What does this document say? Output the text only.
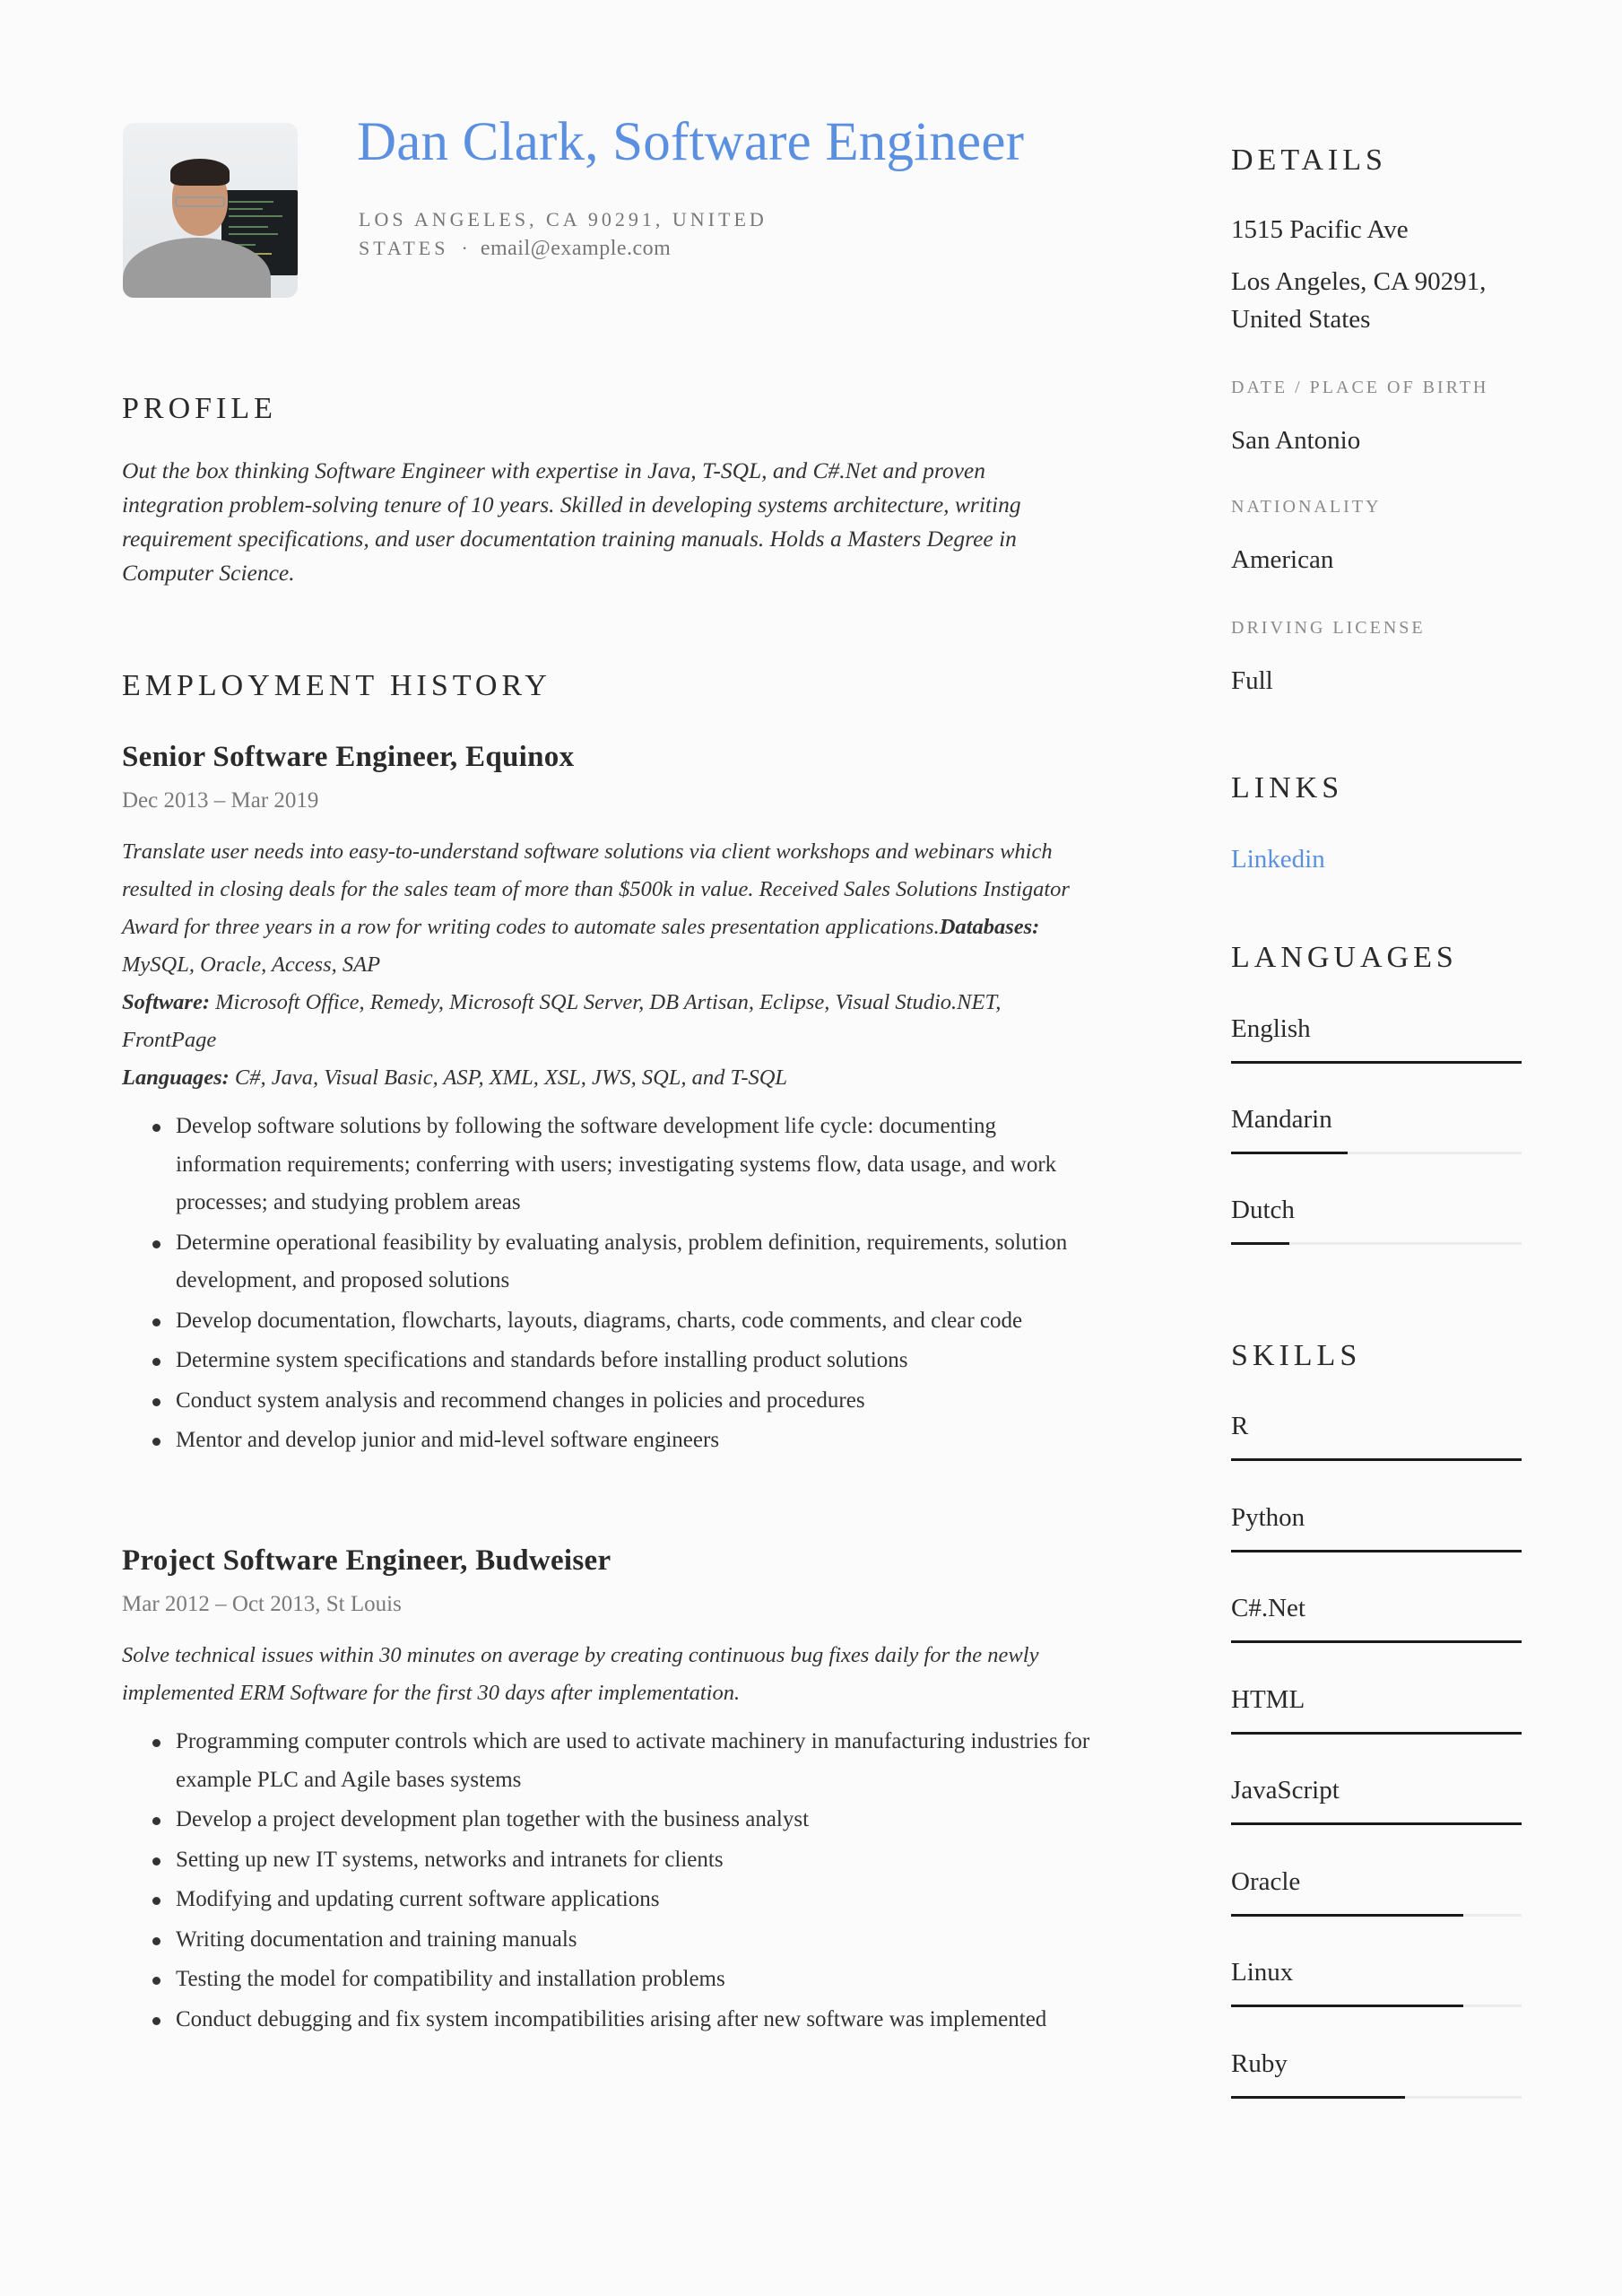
Dan Clark, Software Engineer
LOS ANGELES, CA 90291, UNITED
STATES · email@example.com
PROFILE

Out the box thinking Software Engineer with expertise in Java, T-SQL, and C#.Net and proven integration problem-solving tenure of 10 years. Skilled in developing systems architecture, writing requirement specifications, and user documentation training manuals. Holds a Masters Degree in Computer Science.

EMPLOYMENT HISTORY
Senior Software Engineer, Equinox
Dec 2013 – Mar 2019
Translate user needs into easy-to-understand software solutions via client workshops and webinars which resulted in closing deals for the sales team of more than $500k in value. Received Sales Solutions Instigator Award for three years in a row for writing codes to automate sales presentation applications.Databases:
MySQL, Oracle, Access, SAP
Software: Microsoft Office, Remedy, Microsoft SQL Server, DB Artisan, Eclipse, Visual Studio.NET, FrontPage
Languages: C#, Java, Visual Basic, ASP, XML, XSL, JWS, SQL, and T-SQL
Develop software solutions by following the software development life cycle: documenting information requirements; conferring with users; investigating systems flow, data usage, and work processes; and studying problem areas
Determine operational feasibility by evaluating analysis, problem definition, requirements, solution development, and proposed solutions
Develop documentation, flowcharts, layouts, diagrams, charts, code comments, and clear code
Determine system specifications and standards before installing product solutions
Conduct system analysis and recommend changes in policies and procedures
Mentor and develop junior and mid-level software engineers
Project Software Engineer, Budweiser
Mar 2012 – Oct 2013, St Louis
Solve technical issues within 30 minutes on average by creating continuous bug fixes daily for the newly implemented ERM Software for the first 30 days after implementation.
Programming computer controls which are used to activate machinery in manufacturing industries for example PLC and Agile bases systems
Develop a project development plan together with the business analyst
Setting up new IT systems, networks and intranets for clients
Modifying and updating current software applications
Writing documentation and training manuals
Testing the model for compatibility and installation problems
Conduct debugging and fix system incompatibilities arising after new software was implemented
DETAILS
1515 Pacific Ave
Los Angeles, CA 90291, United States
DATE / PLACE OF BIRTH
San Antonio
NATIONALITY
American
DRIVING LICENSE
Full
LINKS
Linkedin
LANGUAGES
English
Mandarin
Dutch
SKILLS
R
Python
C#.Net
HTML
JavaScript
Oracle
Linux
Ruby
